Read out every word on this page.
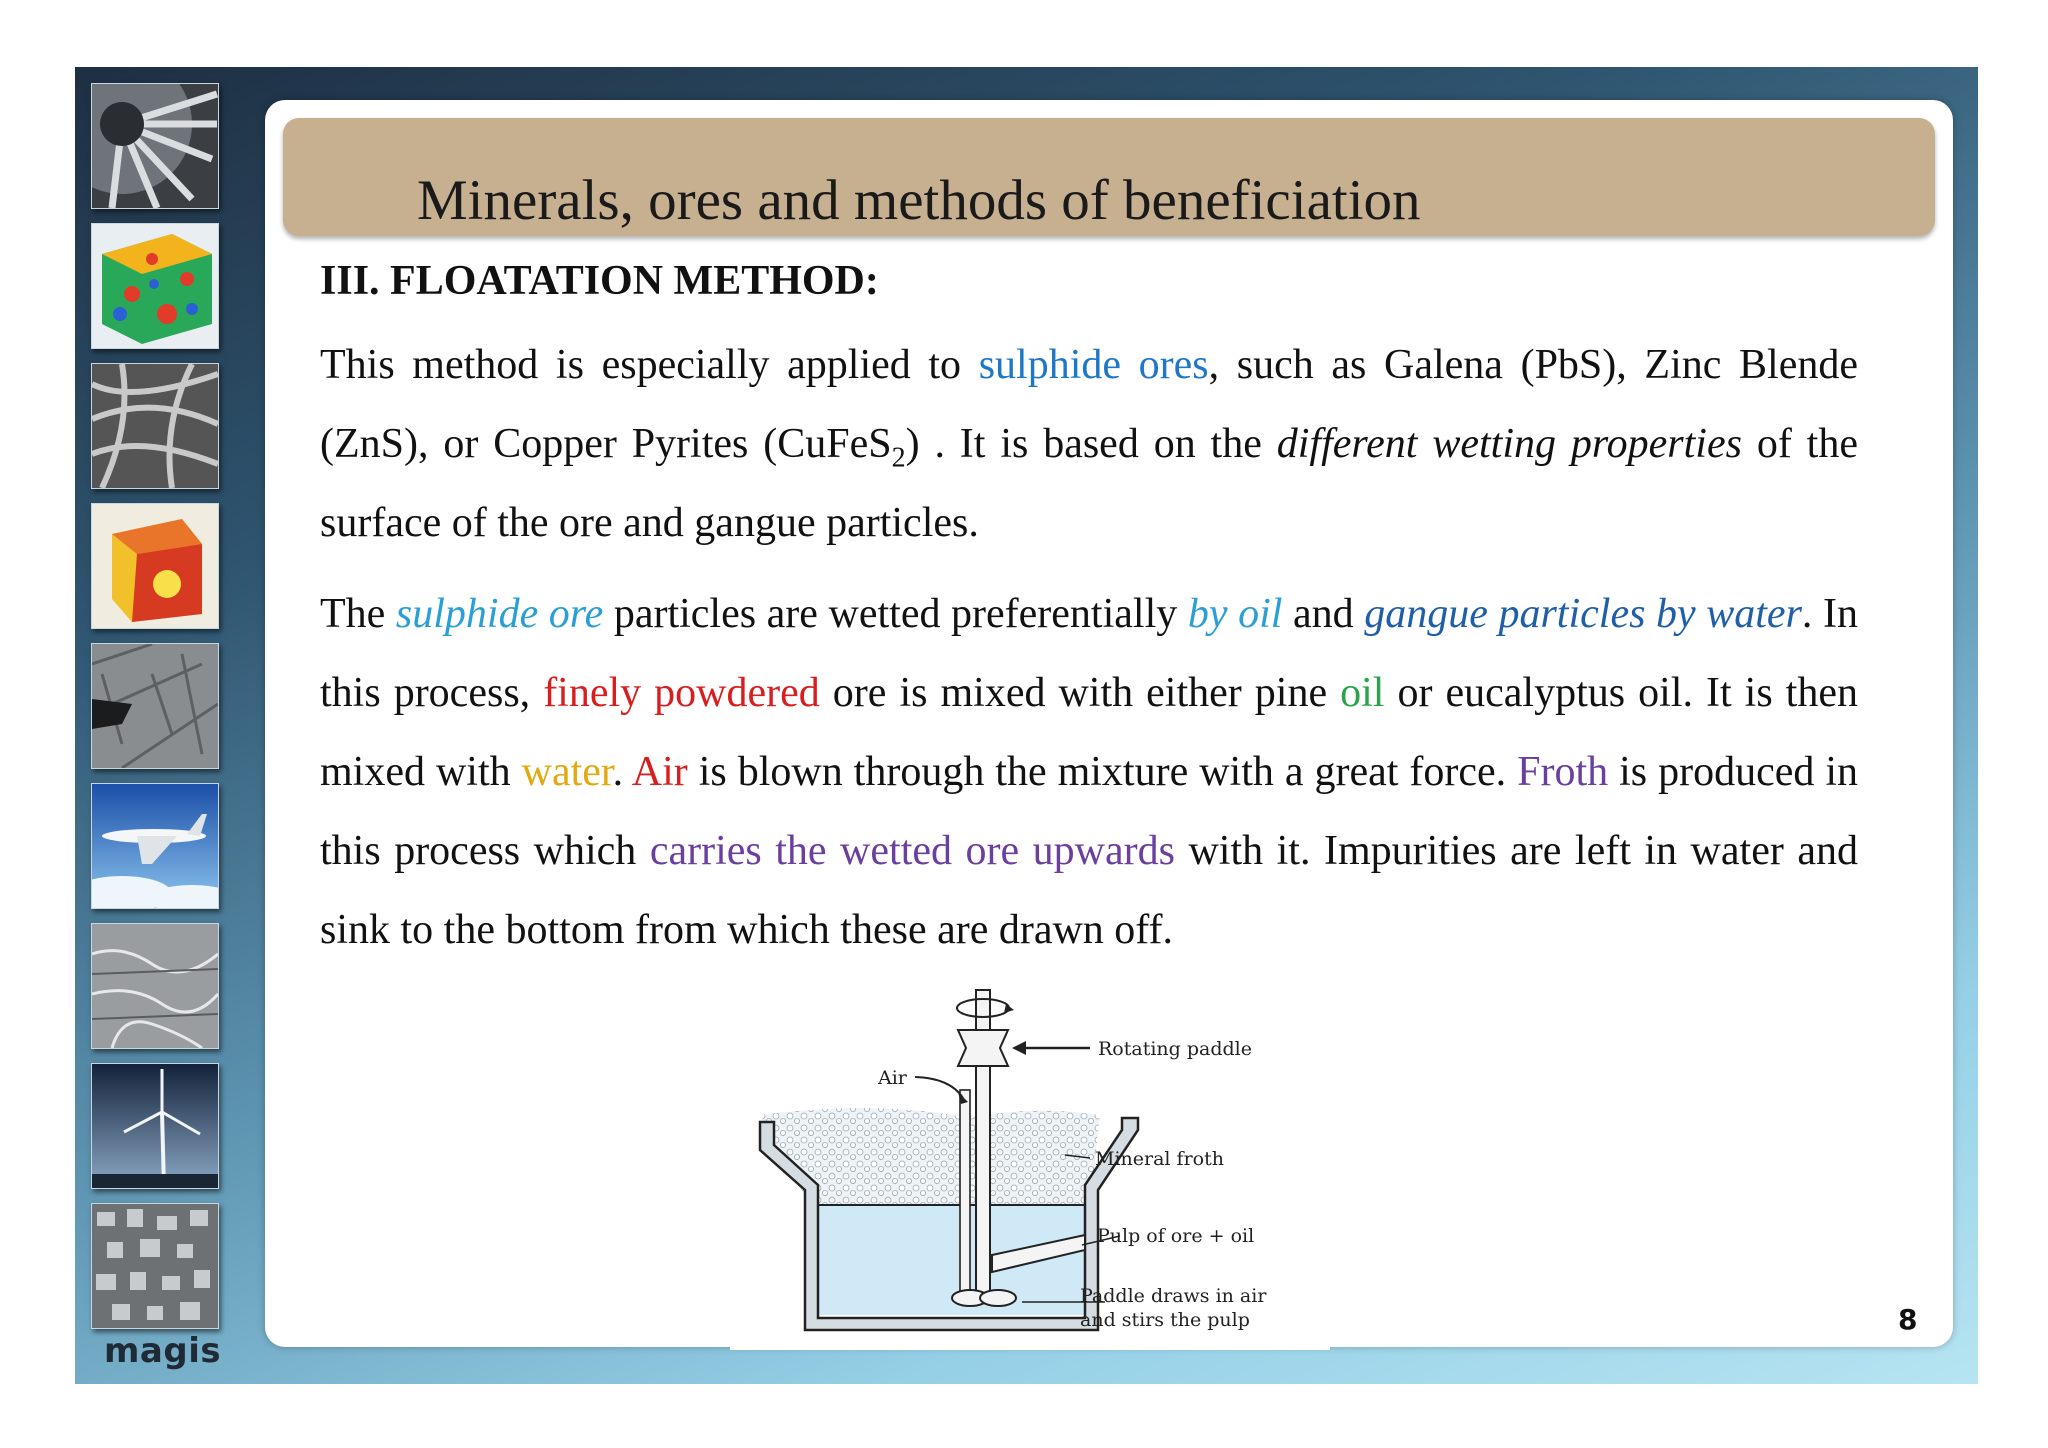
magis
Minerals, ores and methods of beneficiation
III. FLOATATION METHOD:

This method is especially applied to sulphide ores, such as Galena (PbS), Zinc Blende (ZnS), or Copper Pyrites (CuFeS$_2$) . It is based on the different wetting properties of the surface of the ore and gangue particles.

The sulphide ore particles are wetted preferentially by oil and gangue particles by water. In this process, finely powdered ore is mixed with either pine oil or eucalyptus oil. It is then mixed with water. Air is blown through the mixture with a great force. Froth is produced in this process which carries the wetted ore upwards with it. Impurities are left in water and sink to the bottom from which these are drawn off.

Rotating paddle
Air
Mineral froth
Pulp of ore + oil
Paddle draws in air
and stirs the pulp	8
